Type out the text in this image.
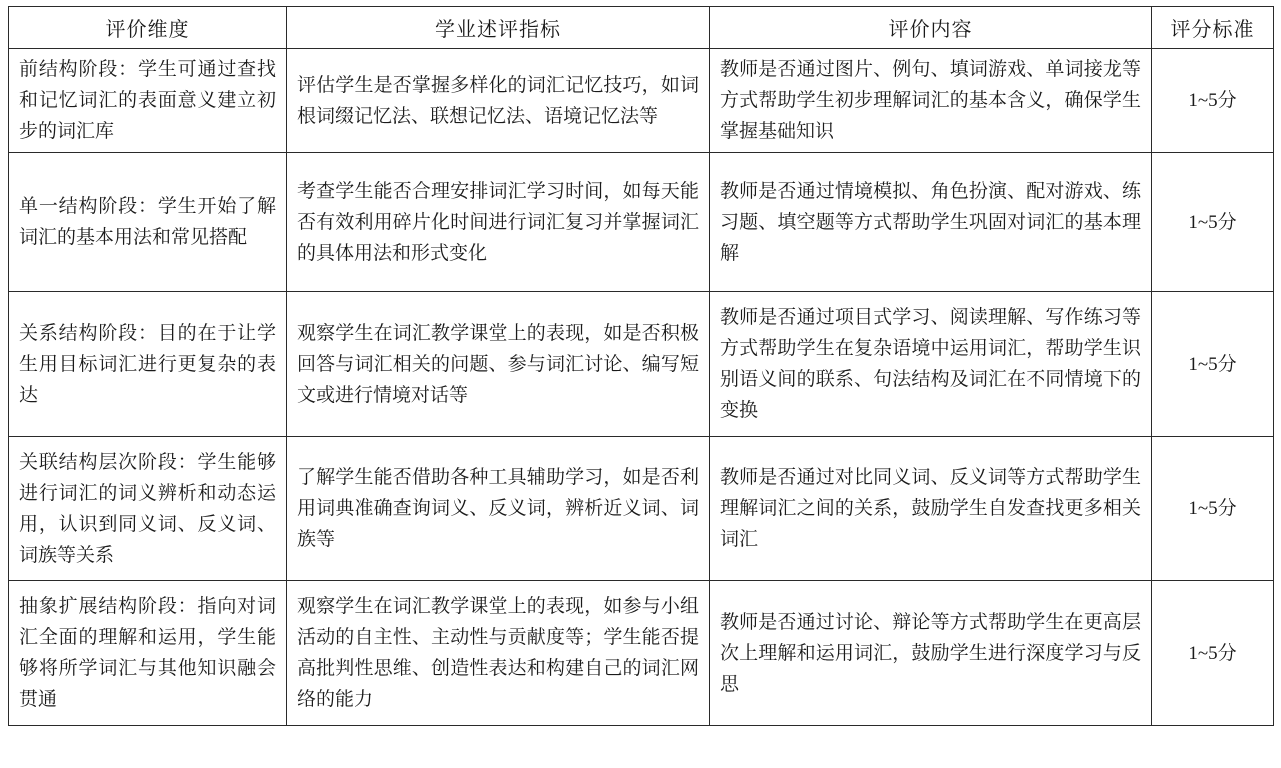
评价维度	学业述评指标	评价内容	评分标准
前结构阶段：学生可通过查找和记忆词汇的表面意义建立初步的词汇库	评估学生是否掌握多样化的词汇记忆技巧，如词根词缀记忆法、联想记忆法、语境记忆法等	教师是否通过图片、例句、填词游戏、单词接龙等方式帮助学生初步理解词汇的基本含义，确保学生掌握基础知识	1~5分
单一结构阶段：学生开始了解词汇的基本用法和常见搭配	考查学生能否合理安排词汇学习时间，如每天能否有效利用碎片化时间进行词汇复习并掌握词汇的具体用法和形式变化	教师是否通过情境模拟、角色扮演、配对游戏、练习题、填空题等方式帮助学生巩固对词汇的基本理解	1~5分
关系结构阶段：目的在于让学生用目标词汇进行更复杂的表达	观察学生在词汇教学课堂上的表现，如是否积极回答与词汇相关的问题、参与词汇讨论、编写短文或进行情境对话等	教师是否通过项目式学习、阅读理解、写作练习等方式帮助学生在复杂语境中运用词汇，帮助学生识别语义间的联系、句法结构及词汇在不同情境下的变换	1~5分
关联结构层次阶段：学生能够进行词汇的词义辨析和动态运用，认识到同义词、反义词、词族等关系	了解学生能否借助各种工具辅助学习，如是否利用词典准确查询词义、反义词，辨析近义词、词族等	教师是否通过对比同义词、反义词等方式帮助学生理解词汇之间的关系，鼓励学生自发查找更多相关词汇	1~5分
抽象扩展结构阶段：指向对词汇全面的理解和运用，学生能够将所学词汇与其他知识融会贯通	观察学生在词汇教学课堂上的表现，如参与小组活动的自主性、主动性与贡献度等；学生能否提高批判性思维、创造性表达和构建自己的词汇网络的能力	教师是否通过讨论、辩论等方式帮助学生在更高层次上理解和运用词汇，鼓励学生进行深度学习与反思	1~5分
